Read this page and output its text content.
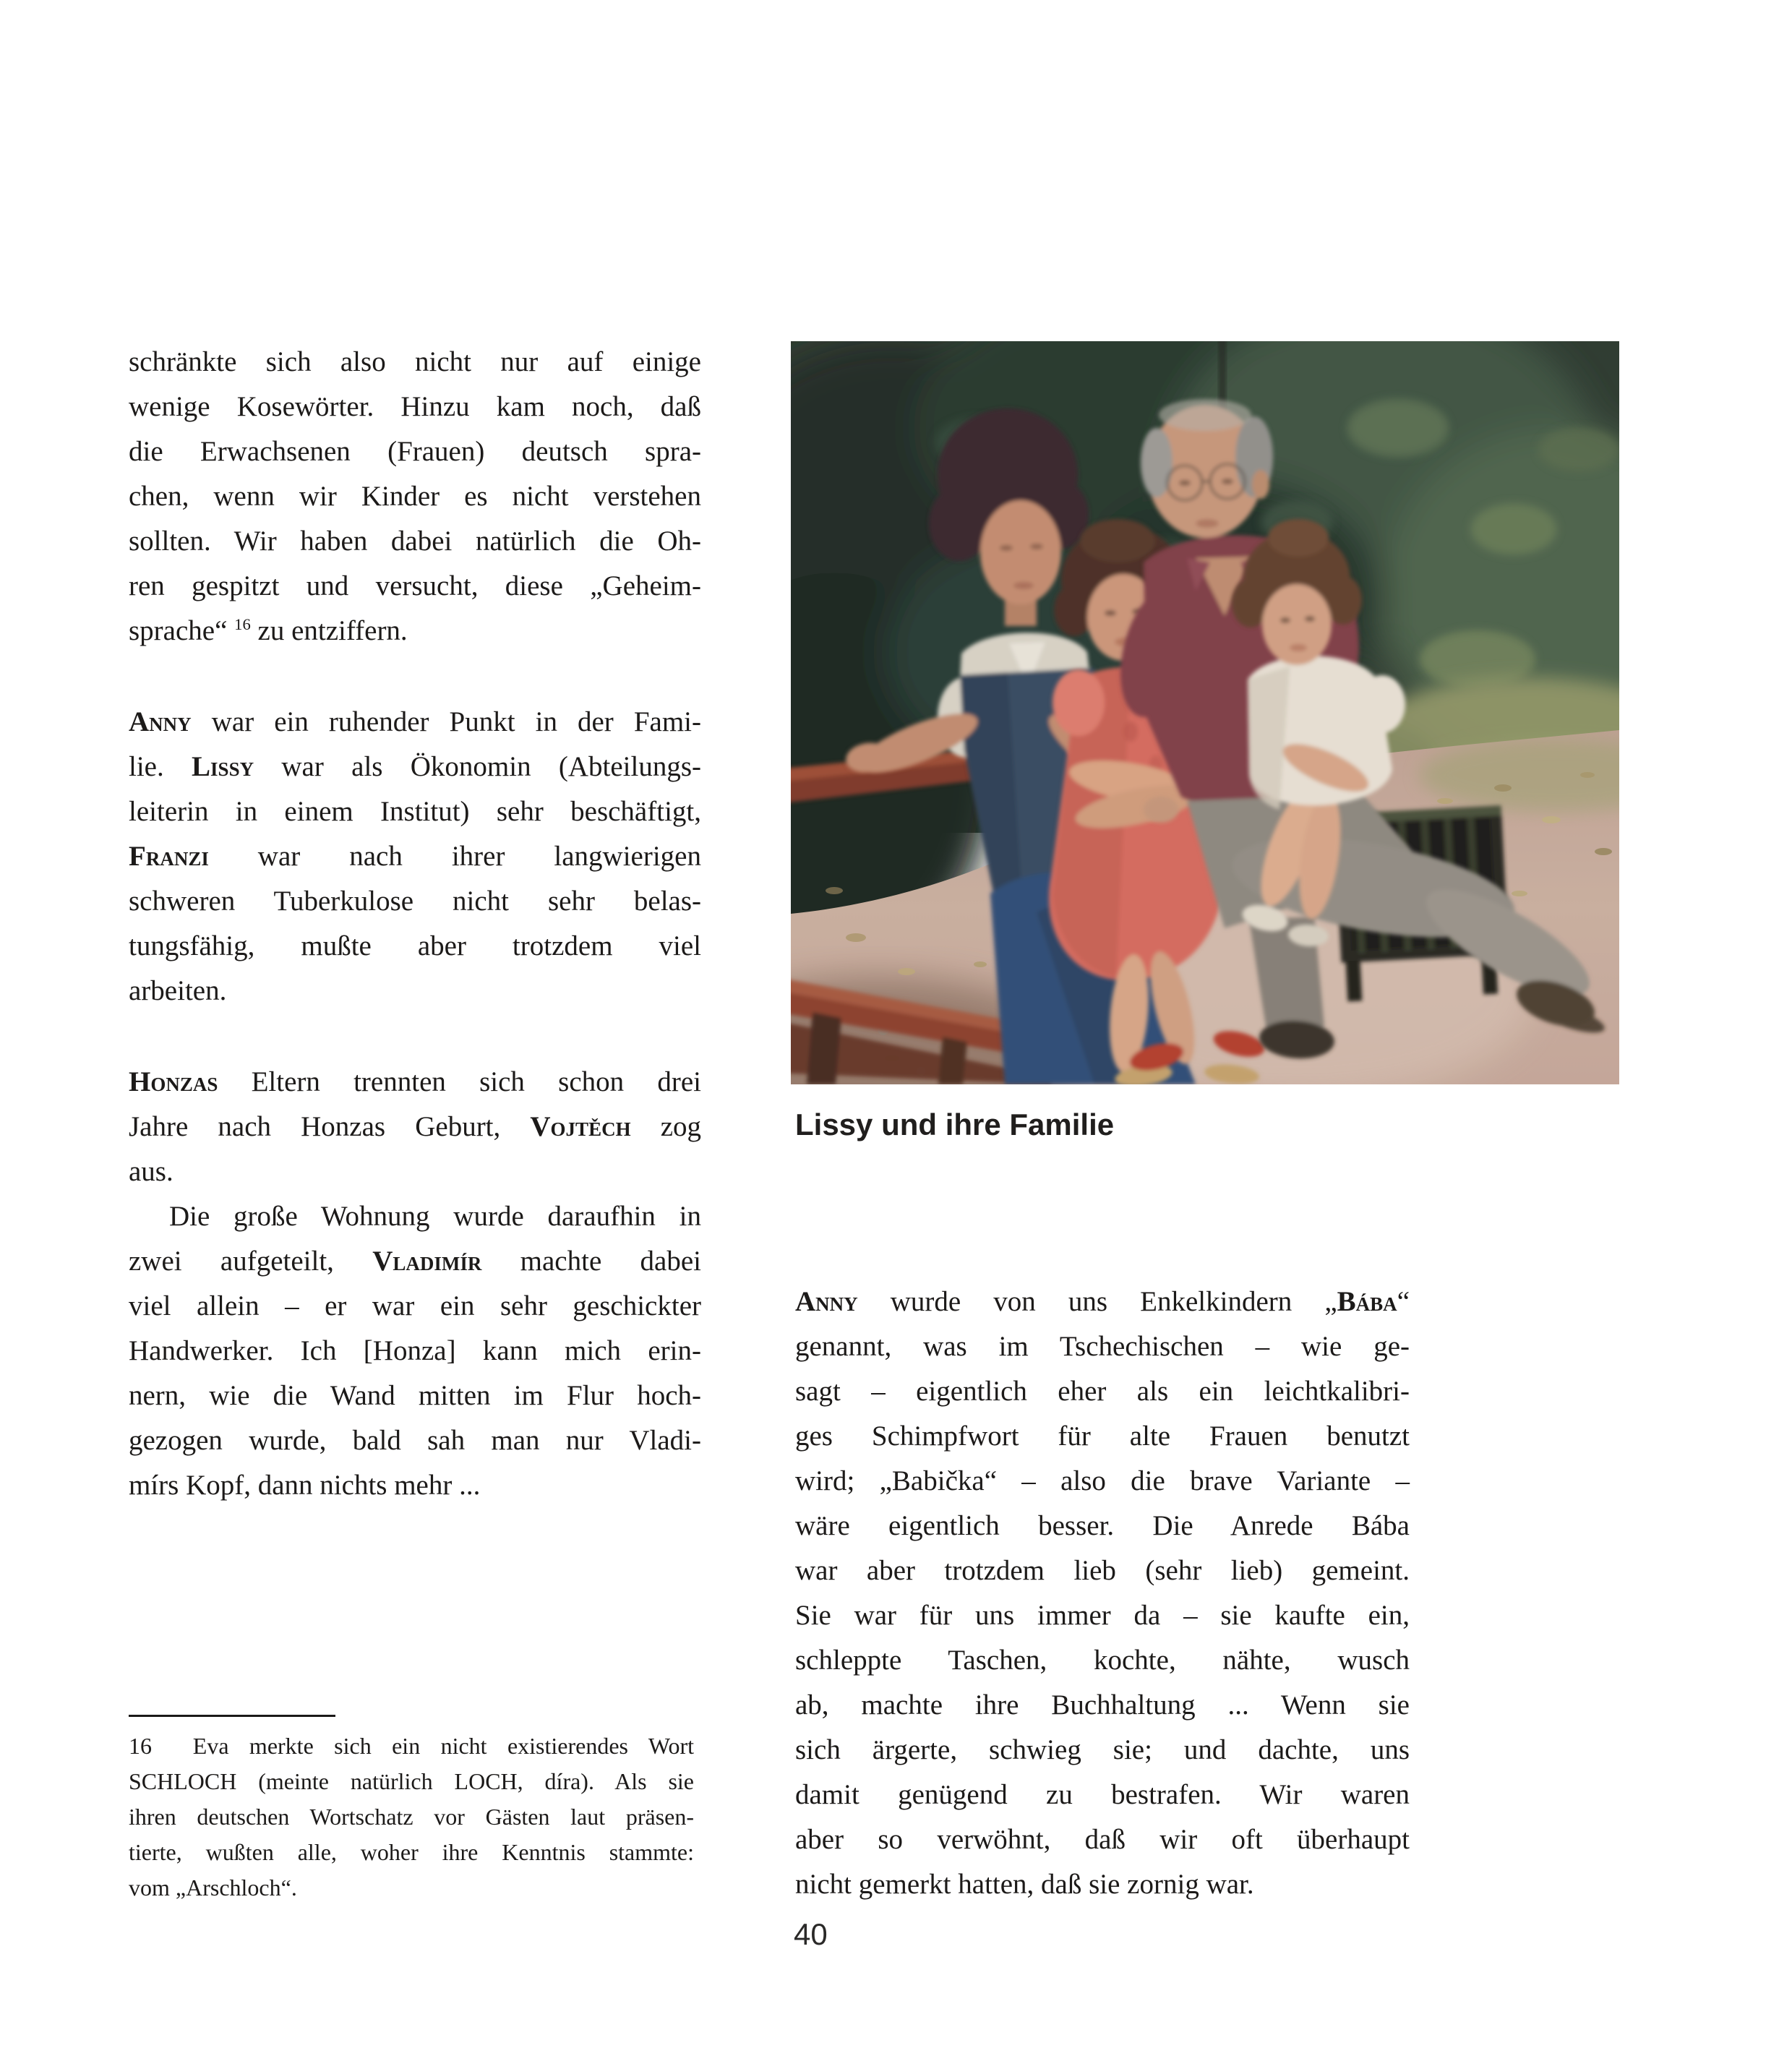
schränkte sich also nicht nur auf einige
wenige Kosewörter. Hinzu kam noch, daß
die Erwachsenen (Frauen) deutsch spra-
chen, wenn wir Kinder es nicht verstehen
sollten. Wir haben dabei natürlich die Oh-
ren gespitzt und versucht, diese „Geheim-
sprache“ $^{16}$ zu entziffern.
Anny war ein ruhender Punkt in der Fami-
lie. Lissy war als Ökonomin (Abteilungs-
leiterin in einem Institut) sehr beschäftigt,
Franzi war nach ihrer langwierigen
schweren Tuberkulose nicht sehr belas-
tungsfähig, mußte aber trotzdem viel
arbeiten.
Honzas Eltern trennten sich schon drei
Jahre nach Honzas Geburt, Vojtěch zog
aus.
Die große Wohnung wurde daraufhin in
zwei aufgeteilt, Vladimír machte dabei
viel allein – er war ein sehr geschickter
Handwerker. Ich [Honza] kann mich erin-
nern, wie die Wand mitten im Flur hoch-
gezogen wurde, bald sah man nur Vladi-
mírs Kopf, dann nichts mehr ...
Lissy und ihre Familie
Anny wurde von uns Enkelkindern „Bába“
genannt, was im Tschechischen – wie ge-
sagt – eigentlich eher als ein leichtkalibri-
ges Schimpfwort für alte Frauen benutzt
wird; „Babička“ – also die brave Variante –
wäre eigentlich besser. Die Anrede Bába
war aber trotzdem lieb (sehr lieb) gemeint.
Sie war für uns immer da – sie kaufte ein,
schleppte Taschen, kochte, nähte, wusch
ab, machte ihre Buchhaltung ... Wenn sie
sich ärgerte, schwieg sie; und dachte, uns
damit genügend zu bestrafen. Wir waren
aber so verwöhnt, daß wir oft überhaupt
nicht gemerkt hatten, daß sie zornig war.
16  Eva merkte sich ein nicht existierendes Wort
SCHLOCH (meinte natürlich LOCH, díra). Als sie
ihren deutschen Wortschatz vor Gästen laut präsen-
tierte, wußten alle, woher ihre Kenntnis stammte:
vom „Arschloch“.
40
